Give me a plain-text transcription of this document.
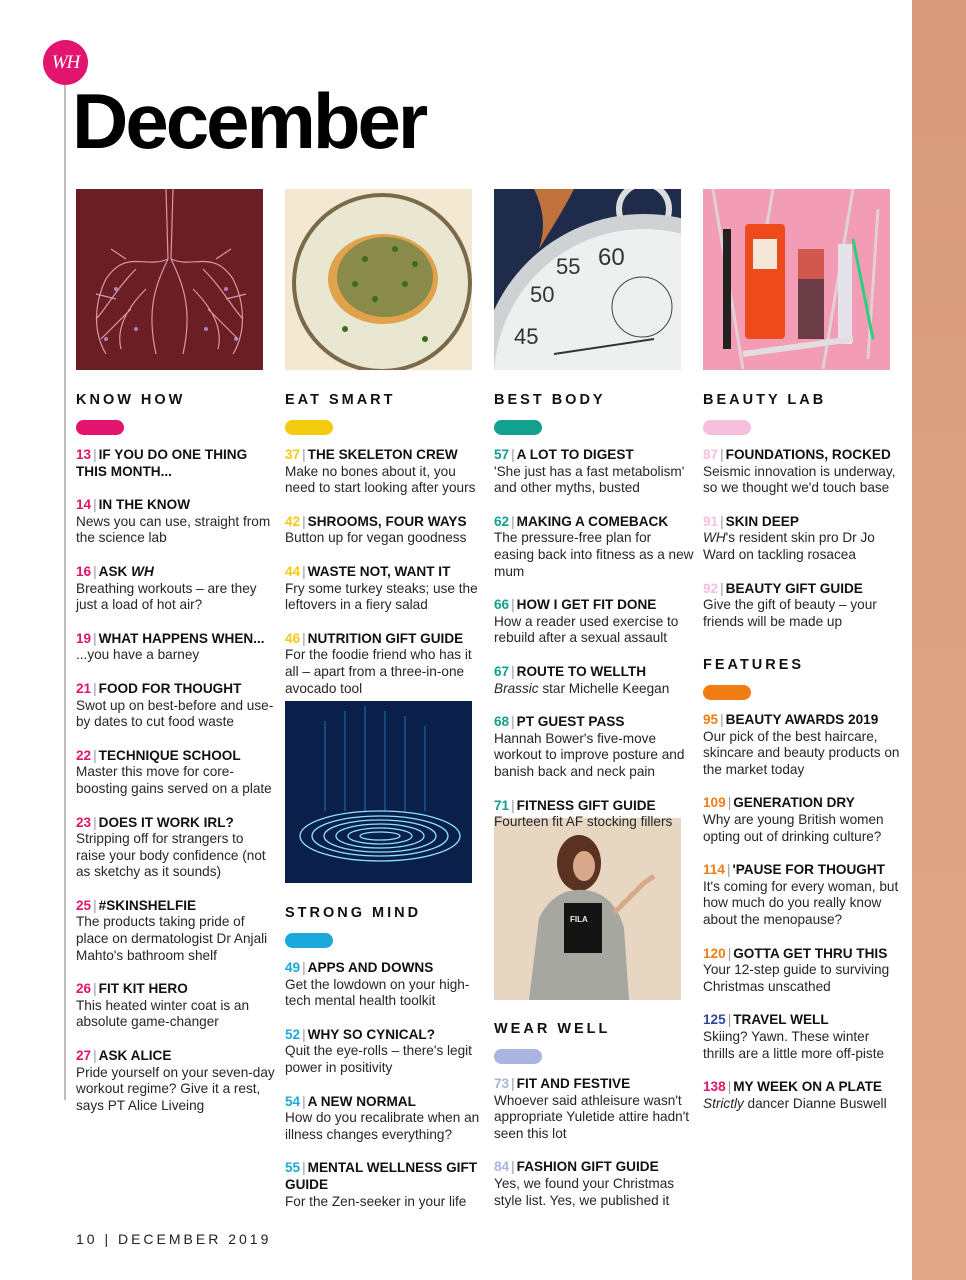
WH
December
45
50
55 60
FILA
KNOW HOW
13 | IF YOU DO ONE THING THIS MONTH...
14 | IN THE KNOW
News you can use, straight from the science lab
16 | ASK WH
Breathing workouts – are they just a load of hot air?
19 | WHAT HAPPENS WHEN...
...you have a barney
21 | FOOD FOR THOUGHT
Swot up on best-before and use-by dates to cut food waste
22 | TECHNIQUE SCHOOL
Master this move for core-boosting gains served on a plate
23 | DOES IT WORK IRL?
Stripping off for strangers to raise your body confidence (not as sketchy as it sounds)
25 | #SKINSHELFIE
The products taking pride of place on dermatologist Dr Anjali Mahto's bathroom shelf
26 | FIT KIT HERO
This heated winter coat is an absolute game-changer
27 | ASK ALICE
Pride yourself on your seven-day workout regime? Give it a rest, says PT Alice Liveing
EAT SMART
37 | THE SKELETON CREW
Make no bones about it, you need to start looking after yours
42 | SHROOMS, FOUR WAYS
Button up for vegan goodness
44 | WASTE NOT, WANT IT
Fry some turkey steaks; use the leftovers in a fiery salad
46 | NUTRITION GIFT GUIDE
For the foodie friend who has it all – apart from a three-in-one avocado tool
STRONG MIND
49 | APPS AND DOWNS
Get the lowdown on your high-tech mental health toolkit
52 | WHY SO CYNICAL?
Quit the eye-rolls – there's legit power in positivity
54 | A NEW NORMAL
How do you recalibrate when an illness changes everything?
55 | MENTAL WELLNESS GIFT GUIDE
For the Zen-seeker in your life
BEST BODY
57 | A LOT TO DIGEST
'She just has a fast metabolism' and other myths, busted
62 | MAKING A COMEBACK
The pressure-free plan for easing back into fitness as a new mum
66 | HOW I GET FIT DONE
How a reader used exercise to rebuild after a sexual assault
67 | ROUTE TO WELLTH
Brassic star Michelle Keegan
68 | PT GUEST PASS
Hannah Bower's five-move workout to improve posture and banish back and neck pain
71 | FITNESS GIFT GUIDE
Fourteen fit AF stocking fillers
WEAR WELL
73 | FIT AND FESTIVE
Whoever said athleisure wasn't appropriate Yuletide attire hadn't seen this lot
84 | FASHION GIFT GUIDE
Yes, we found your Christmas style list. Yes, we published it
BEAUTY LAB
87 | FOUNDATIONS, ROCKED
Seismic innovation is underway, so we thought we'd touch base
91 | SKIN DEEP
WH's resident skin pro Dr Jo Ward on tackling rosacea
92 | BEAUTY GIFT GUIDE
Give the gift of beauty – your friends will be made up
FEATURES
95 | BEAUTY AWARDS 2019
Our pick of the best haircare, skincare and beauty products on the market today
109 | GENERATION DRY
Why are young British women opting out of drinking culture?
114 | 'PAUSE FOR THOUGHT
It's coming for every woman, but how much do you really know about the menopause?
120 | GOTTA GET THRU THIS
Your 12-step guide to surviving Christmas unscathed
125 | TRAVEL WELL
Skiing? Yawn. These winter thrills are a little more off-piste
138 | MY WEEK ON A PLATE
Strictly dancer Dianne Buswell
10 | DECEMBER 2019
